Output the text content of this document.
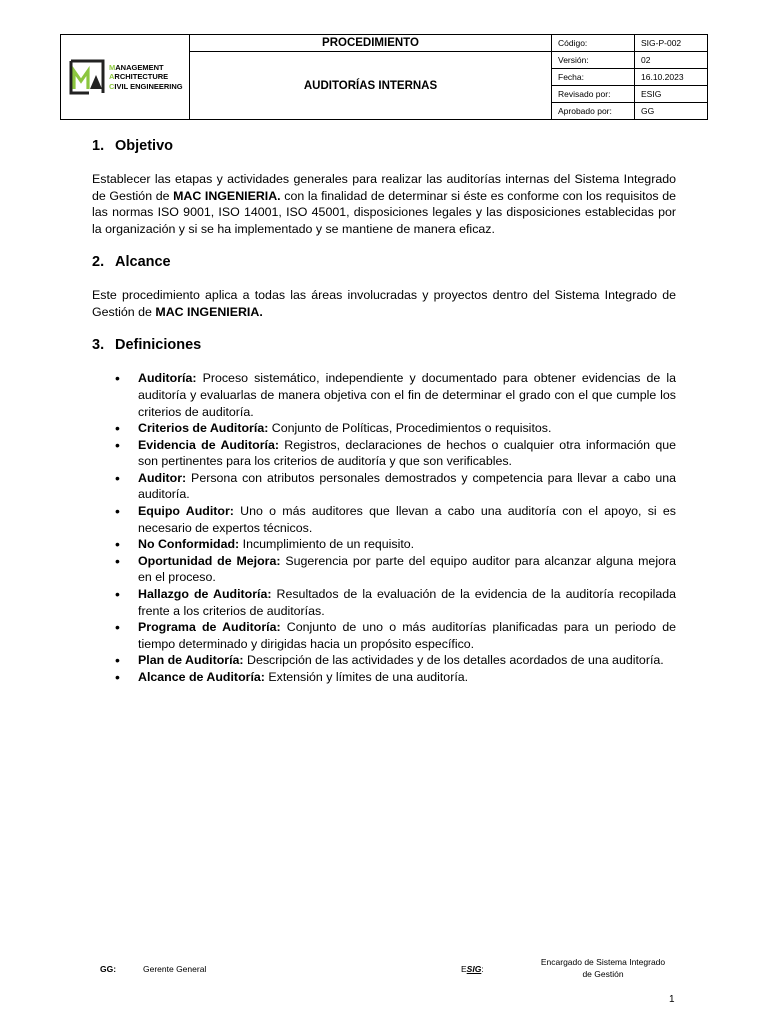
MANAGEMENT
ARCHITECTURE
CIVIL ENGINEERING	PROCEDIMIENTO	Código:	SIG-P-002
	AUDITORÍAS INTERNAS	Versión:	02
		Fecha:	16.10.2023
		Revisado por:	ESIG
		Aprobado por:	GG
1. Objetivo

Establecer las etapas y actividades generales para realizar las auditorías internas del Sistema Integrado de Gestión de MAC INGENIERIA. con la finalidad de determinar si éste es conforme con los requisitos de las normas ISO 9001, ISO 14001, ISO 45001, disposiciones legales y las disposiciones establecidas por la organización y si se ha implementado y se mantiene de manera eficaz.

2. Alcance

Este procedimiento aplica a todas las áreas involucradas y proyectos dentro del Sistema Integrado de Gestión de MAC INGENIERIA.

3. Definiciones
• Auditoría: Proceso sistemático, independiente y documentado para obtener evidencias de la auditoría y evaluarlas de manera objetiva con el fin de determinar el grado con el que cumple los criterios de auditoría.
• Criterios de Auditoría: Conjunto de Políticas, Procedimientos o requisitos.
• Evidencia de Auditoría: Registros, declaraciones de hechos o cualquier otra información que son pertinentes para los criterios de auditoría y que son verificables.
• Auditor: Persona con atributos personales demostrados y competencia para llevar a cabo una auditoría.
• Equipo Auditor: Uno o más auditores que llevan a cabo una auditoría con el apoyo, si es necesario de expertos técnicos.
• No Conformidad: Incumplimiento de un requisito.
• Oportunidad de Mejora: Sugerencia por parte del equipo auditor para alcanzar alguna mejora en el proceso.
• Hallazgo de Auditoría: Resultados de la evaluación de la evidencia de la auditoría recopilada frente a los criterios de auditorías.
• Programa de Auditoría: Conjunto de uno o más auditorías planificadas para un periodo de tiempo determinado y dirigidas hacia un propósito específico.
• Plan de Auditoría: Descripción de las actividades y de los detalles acordados de una auditoría.
• Alcance de Auditoría: Extensión y límites de una auditoría.
GG:	Gerente General	ESIG:
Encargado de Sistema Integrado
de Gestión
1
